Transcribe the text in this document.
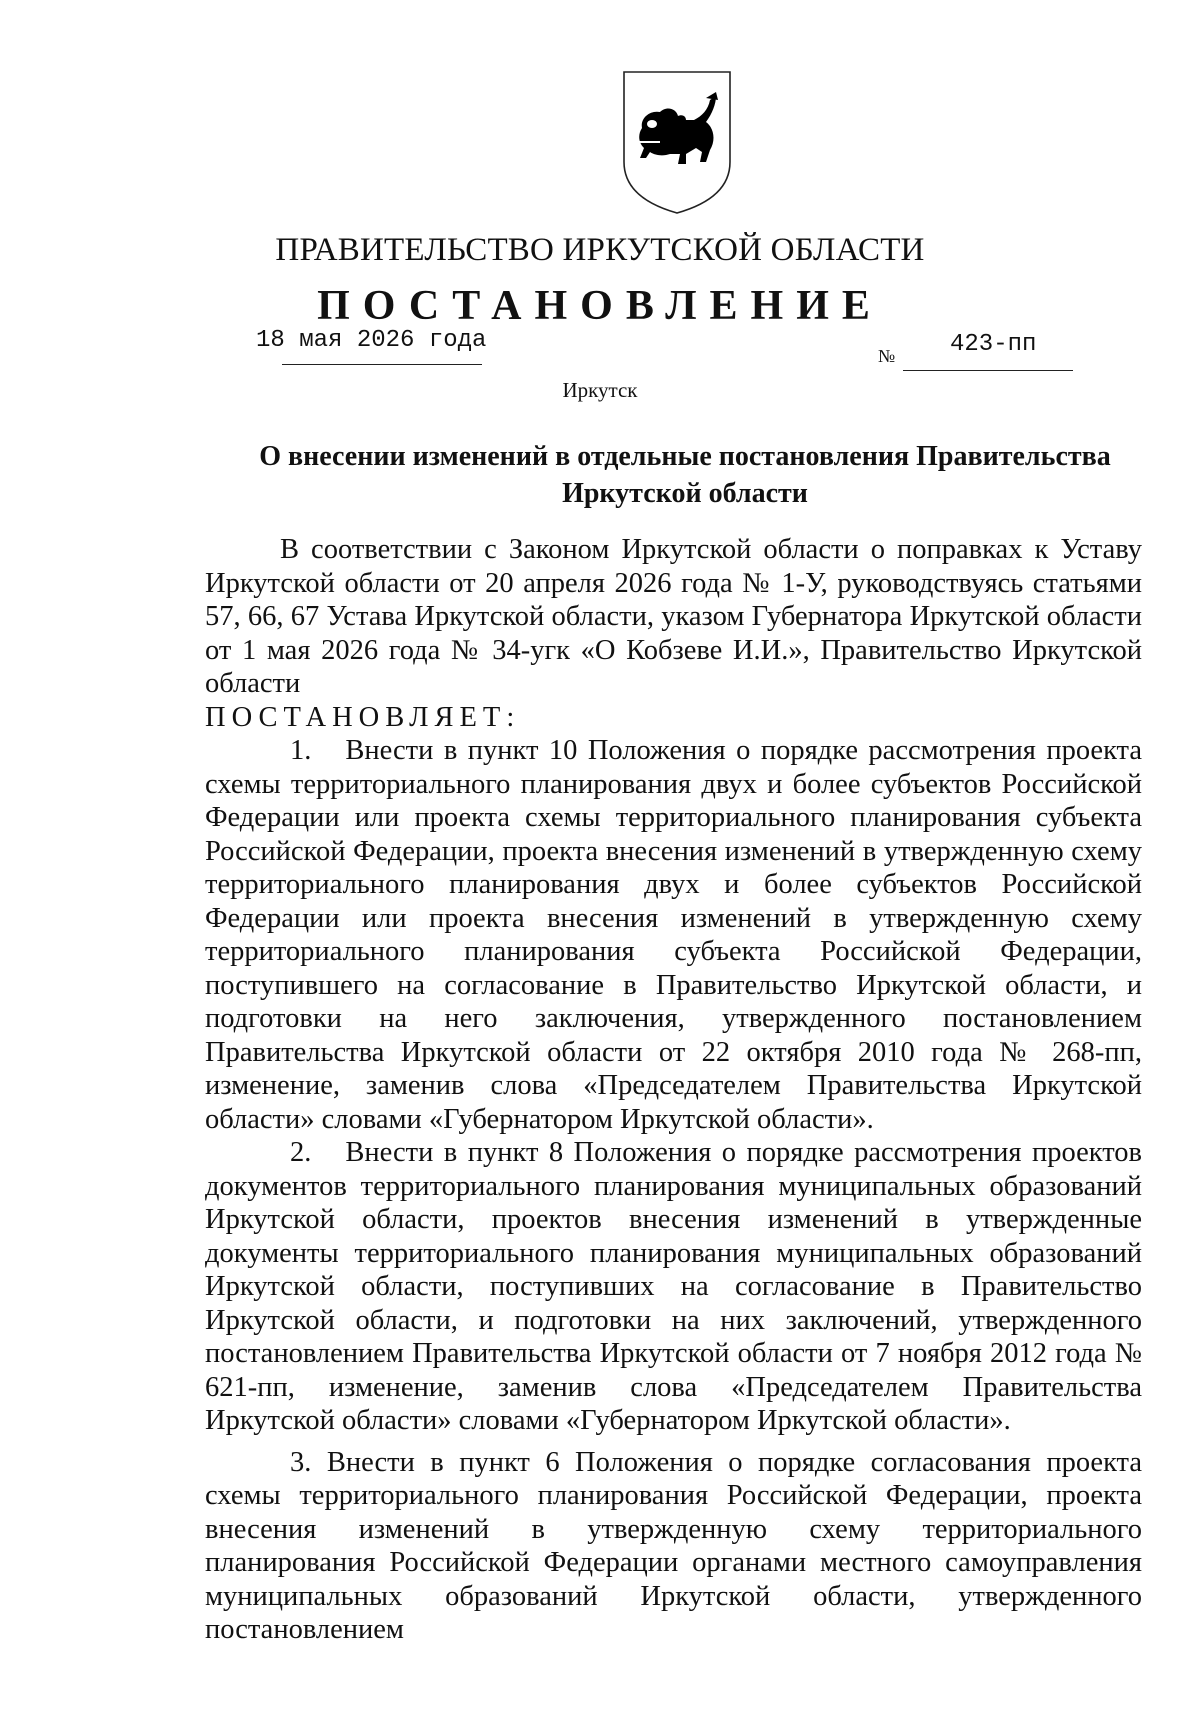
ПРАВИТЕЛЬСТВО ИРКУТСКОЙ ОБЛАСТИ
ПОСТАНОВЛЕНИЕ
18 мая 2026 года
№ 423-пп
Иркутск
О внесении изменений в отдельные постановления Правительства Иркутской области

В соответствии с Законом Иркутской области о поправках к Уставу Иркутской области от 20 апреля 2026 года № 1-У, руководствуясь статьями 57, 66, 67 Устава Иркутской области, указом Губернатора Иркутской области от 1 мая 2026 года № 34-угк «О Кобзеве И.И.», Правительство Иркутской области

ПОСТАНОВЛЯЕТ:

1. Внести в пункт 10 Положения о порядке рассмотрения проекта схемы территориального планирования двух и более субъектов Российской Федерации или проекта схемы территориального планирования субъекта Российской Федерации, проекта внесения изменений в утвержденную схему территориального планирования двух и более субъектов Российской Федерации или проекта внесения изменений в утвержденную схему территориального планирования субъекта Российской Федерации, поступившего на согласование в Правительство Иркутской области, и подготовки на него заключения, утвержденного постановлением Правительства Иркутской области от 22 октября 2010 года № 268-пп, изменение, заменив слова «Председателем Правительства Иркутской области» словами «Губернатором Иркутской области».

2. Внести в пункт 8 Положения о порядке рассмотрения проектов документов территориального планирования муниципальных образований Иркутской области, проектов внесения изменений в утвержденные документы территориального планирования муниципальных образований Иркутской области, поступивших на согласование в Правительство Иркутской области, и подготовки на них заключений, утвержденного постановлением Правительства Иркутской области от 7 ноября 2012 года № 621-пп, изменение, заменив слова «Председателем Правительства Иркутской области» словами «Губернатором Иркутской области».

3. Внести в пункт 6 Положения о порядке согласования проекта схемы территориального планирования Российской Федерации, проекта внесения изменений в утвержденную схему территориального планирования Российской Федерации органами местного самоуправления муниципальных образований Иркутской области, утвержденного постановлением
